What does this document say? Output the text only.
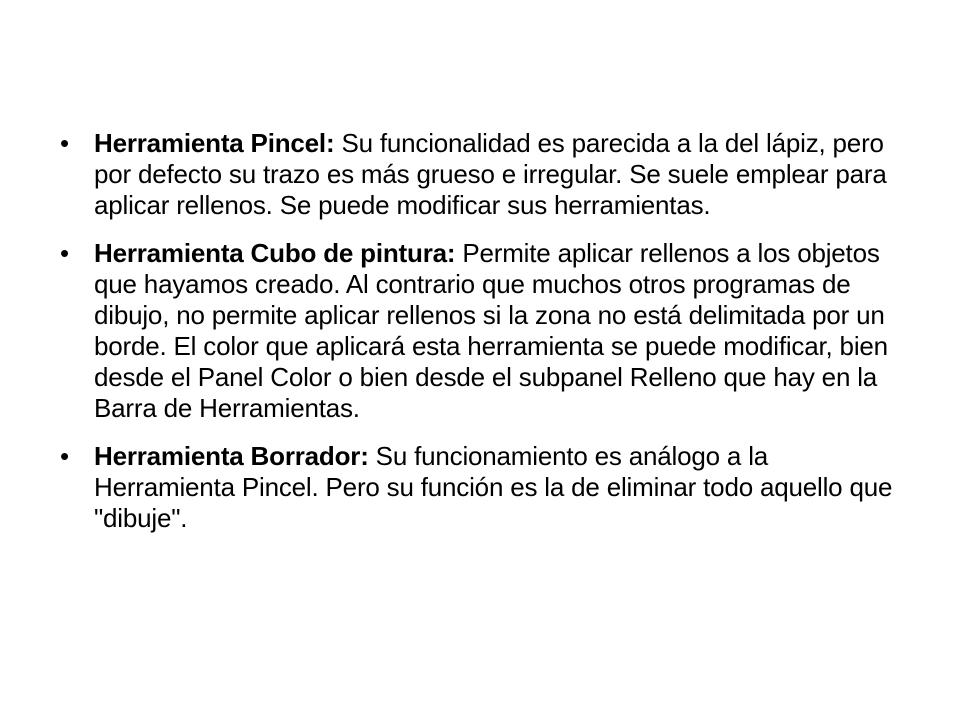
• Herramienta Pincel: Su funcionalidad es parecida a la del lápiz, pero por defecto su trazo es más grueso e irregular. Se suele emplear para aplicar rellenos. Se puede modificar sus herramientas.
• Herramienta Cubo de pintura: Permite aplicar rellenos a los objetos que hayamos creado. Al contrario que muchos otros programas de dibujo, no permite aplicar rellenos si la zona no está delimitada por un borde. El color que aplicará esta herramienta se puede modificar, bien desde el Panel Color o bien desde el subpanel Relleno que hay en la Barra de Herramientas.
• Herramienta Borrador: Su funcionamiento es análogo a la Herramienta Pincel. Pero su función es la de eliminar todo aquello que "dibuje".
